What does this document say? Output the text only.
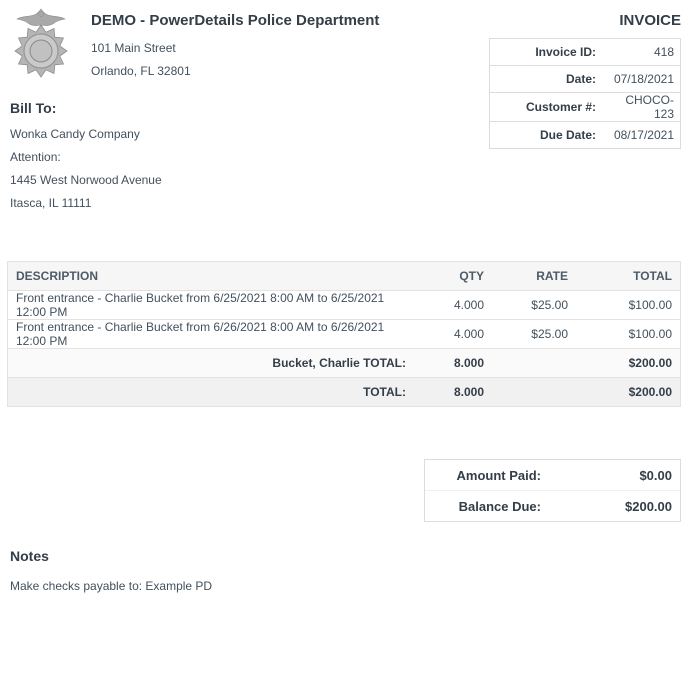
DEMO - PowerDetails Police Department
101 Main Street
Orlando, FL 32801
Bill To:
Wonka Candy Company
Attention:
1445 West Norwood Avenue
Itasca, IL 11111
INVOICE
Invoice ID:	418
Date:	07/18/2021
Customer #:	CHOCO-123
Due Date:	08/17/2021
DESCRIPTION	QTY	RATE	TOTAL
Front entrance - Charlie Bucket from 6/25/2021 8:00 AM to 6/25/2021 12:00 PM	4.000	$25.00	$100.00
Front entrance - Charlie Bucket from 6/26/2021 8:00 AM to 6/26/2021 12:00 PM	4.000	$25.00	$100.00
Bucket, Charlie TOTAL:	8.000		$200.00
TOTAL:	8.000		$200.00
Amount Paid:	$0.00
Balance Due:	$200.00
Notes
Make checks payable to: Example PD
